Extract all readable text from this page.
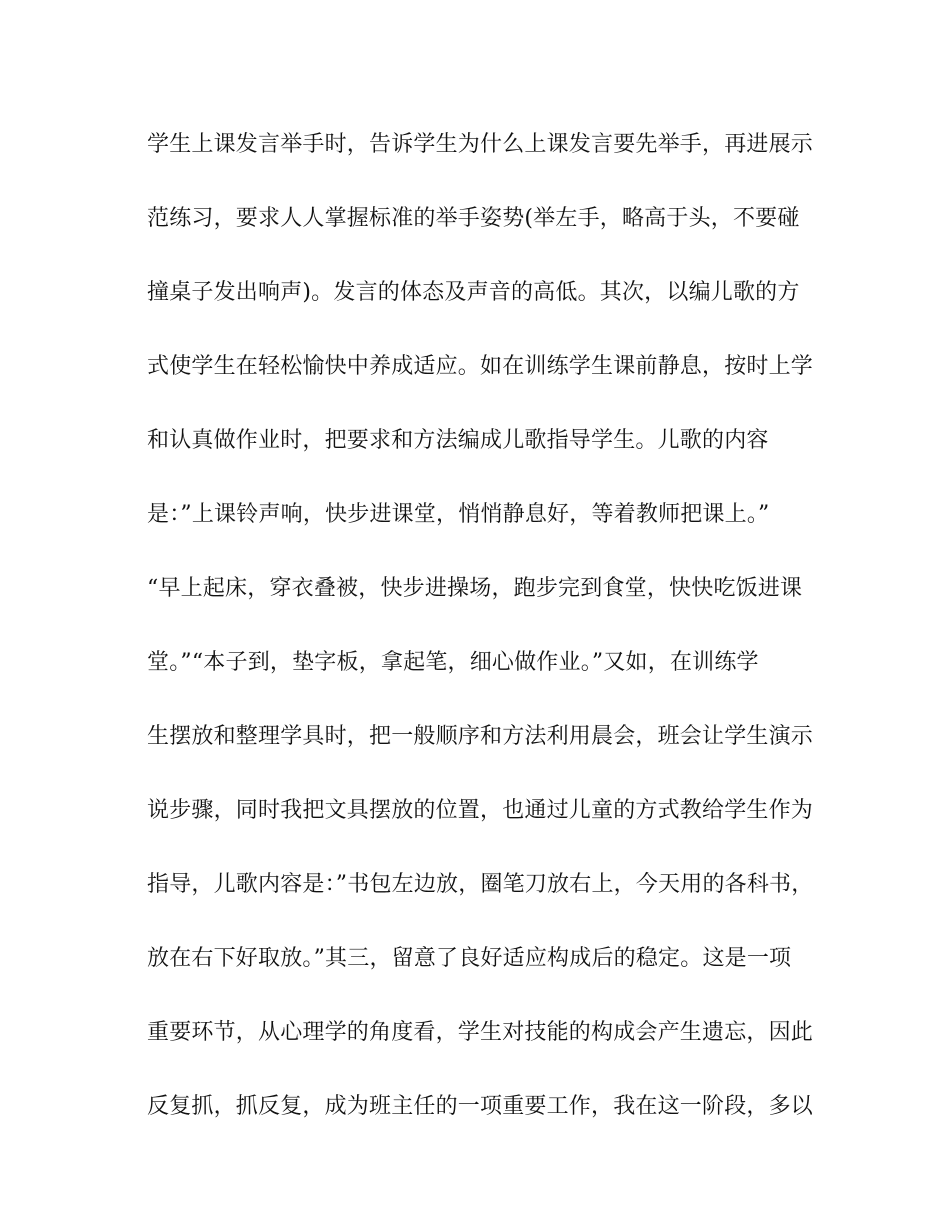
学生上课发言举手时，告诉学生为什么上课发言要先举手，再进展示
范练习，要求人人掌握标准的举手姿势(举左手，略高于头，不要碰
撞桌子发出响声)。发言的体态及声音的高低。其次，以编儿歌的方
式使学生在轻松愉快中养成适应。如在训练学生课前静息，按时上学
和认真做作业时，把要求和方法编成儿歌指导学生。儿歌的内容
是：”上课铃声响，快步进课堂，悄悄静息好，等着教师把课上。”
“早上起床，穿衣叠被，快步进操场，跑步完到食堂，快快吃饭进课
堂。”“本子到，垫字板，拿起笔，细心做作业。”又如，在训练学
生摆放和整理学具时，把一般顺序和方法利用晨会，班会让学生演示
说步骤，同时我把文具摆放的位置，也通过儿童的方式教给学生作为
指导，儿歌内容是：”书包左边放，圈笔刀放右上，今天用的各科书，
放在右下好取放。”其三，留意了良好适应构成后的稳定。这是一项
重要环节，从心理学的角度看，学生对技能的构成会产生遗忘，因此
反复抓，抓反复，成为班主任的一项重要工作，我在这一阶段，多以
